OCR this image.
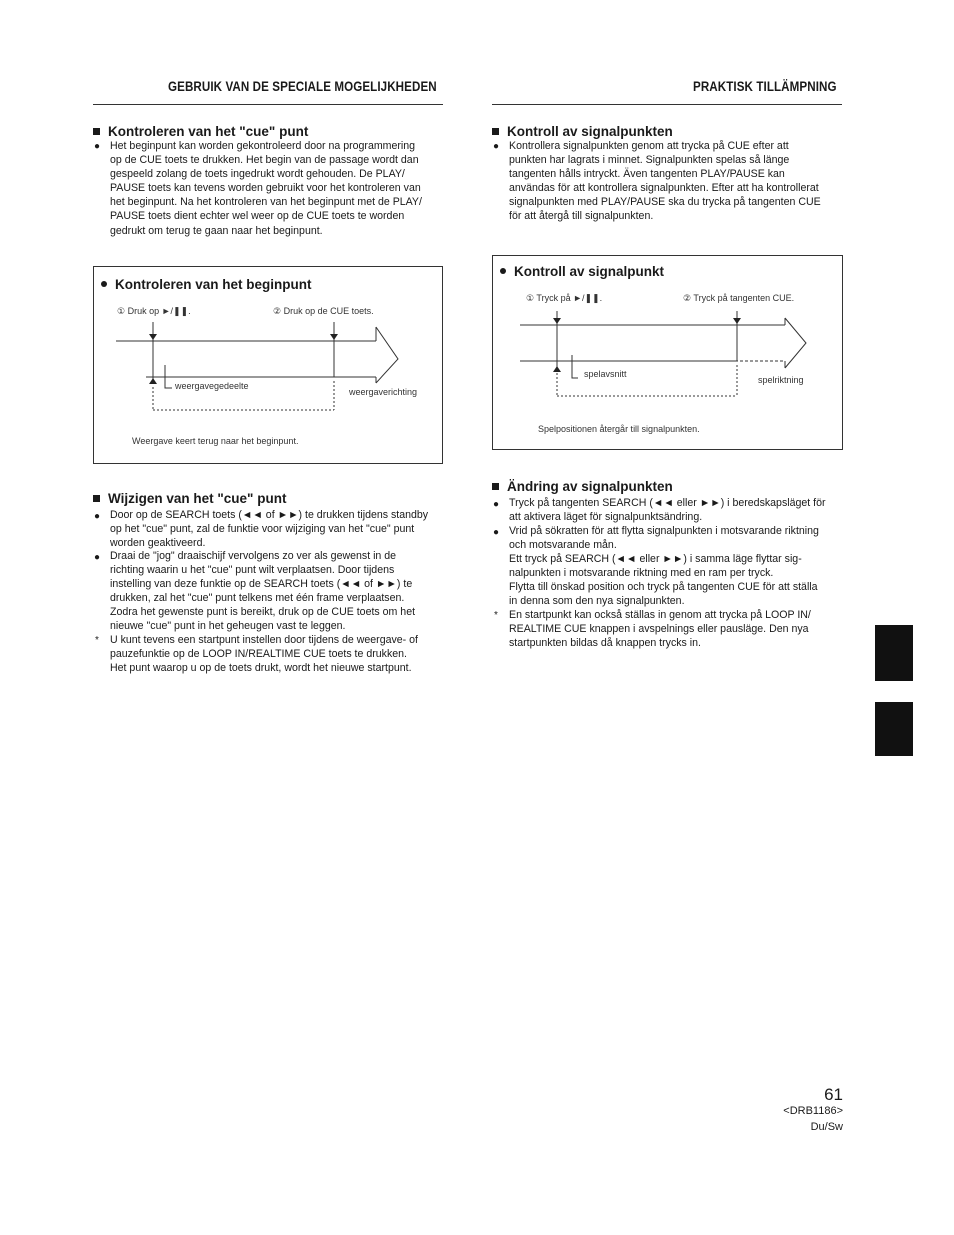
GEBRUIK VAN DE SPECIALE MOGELIJKHEDEN
Kontroleren van het "cue" punt
● Het beginpunt kan worden gekontroleerd door na programmering
op de CUE toets te drukken. Het begin van de passage wordt dan
gespeeld zolang de toets ingedrukt wordt gehouden. De PLAY/
PAUSE toets kan tevens worden gebruikt voor het kontroleren van
het beginpunt. Na het kontroleren van het beginpunt met de PLAY/
PAUSE toets dient echter wel weer op de CUE toets te worden
gedrukt om terug te gaan naar het beginpunt.
Kontroleren van het beginpunt
① Druk op ►/❚❚.	② Druk op de CUE toets.
weergavegedeelte
weergaverichting
Weergave keert terug naar het beginpunt.
Wijzigen van het "cue" punt
● Door op de SEARCH toets (◄◄ of ►►) te drukken tijdens standby
op het "cue" punt, zal de funktie voor wijziging van het "cue" punt
worden geaktiveerd.
● Draai de "jog" draaischijf vervolgens zo ver als gewenst in de
richting waarin u het "cue" punt wilt verplaatsen. Door tijdens
instelling van deze funktie op de SEARCH toets (◄◄ of ►►) te
drukken, zal het "cue" punt telkens met één frame verplaatsen.
Zodra het gewenste punt is bereikt, druk op de CUE toets om het
nieuwe "cue" punt in het geheugen vast te leggen.
* U kunt tevens een startpunt instellen door tijdens de weergave- of
pauzefunktie op de LOOP IN/REALTIME CUE toets te drukken.
Het punt waarop u op de toets drukt, wordt het nieuwe startpunt.
PRAKTISK TILLÄMPNING
Kontroll av signalpunkten
● Kontrollera signalpunkten genom att trycka på CUE efter att
punkten har lagrats i minnet. Signalpunkten spelas så länge
tangenten hålls intryckt. Även tangenten PLAY/PAUSE kan
användas för att kontrollera signalpunkten. Efter att ha kontrollerat
signalpunkten med PLAY/PAUSE ska du trycka på tangenten CUE
för att återgå till signalpunkten.
Kontroll av signalpunkt
① Tryck på ►/❚❚.	② Tryck på tangenten CUE.
spelavsnitt
spelriktning
Spelpositionen återgår till signalpunkten.
Ändring av signalpunkten
● Tryck på tangenten SEARCH (◄◄ eller ►►) i beredskapsläget för
att aktivera läget för signalpunktsändring.
● Vrid på sökratten för att flytta signalpunkten i motsvarande riktning
och motsvarande mån.
Ett tryck på SEARCH (◄◄ eller ►►) i samma läge flyttar sig-
nalpunkten i motsvarande riktning med en ram per tryck.
Flytta till önskad position och tryck på tangenten CUE för att ställa
in denna som den nya signalpunkten.
* En startpunkt kan också ställas in genom att trycka på LOOP IN/
REALTIME CUE knappen i avspelnings eller pausläge. Den nya
startpunkten bildas då knappen trycks in.
61
<DRB1186>
Du/Sw
